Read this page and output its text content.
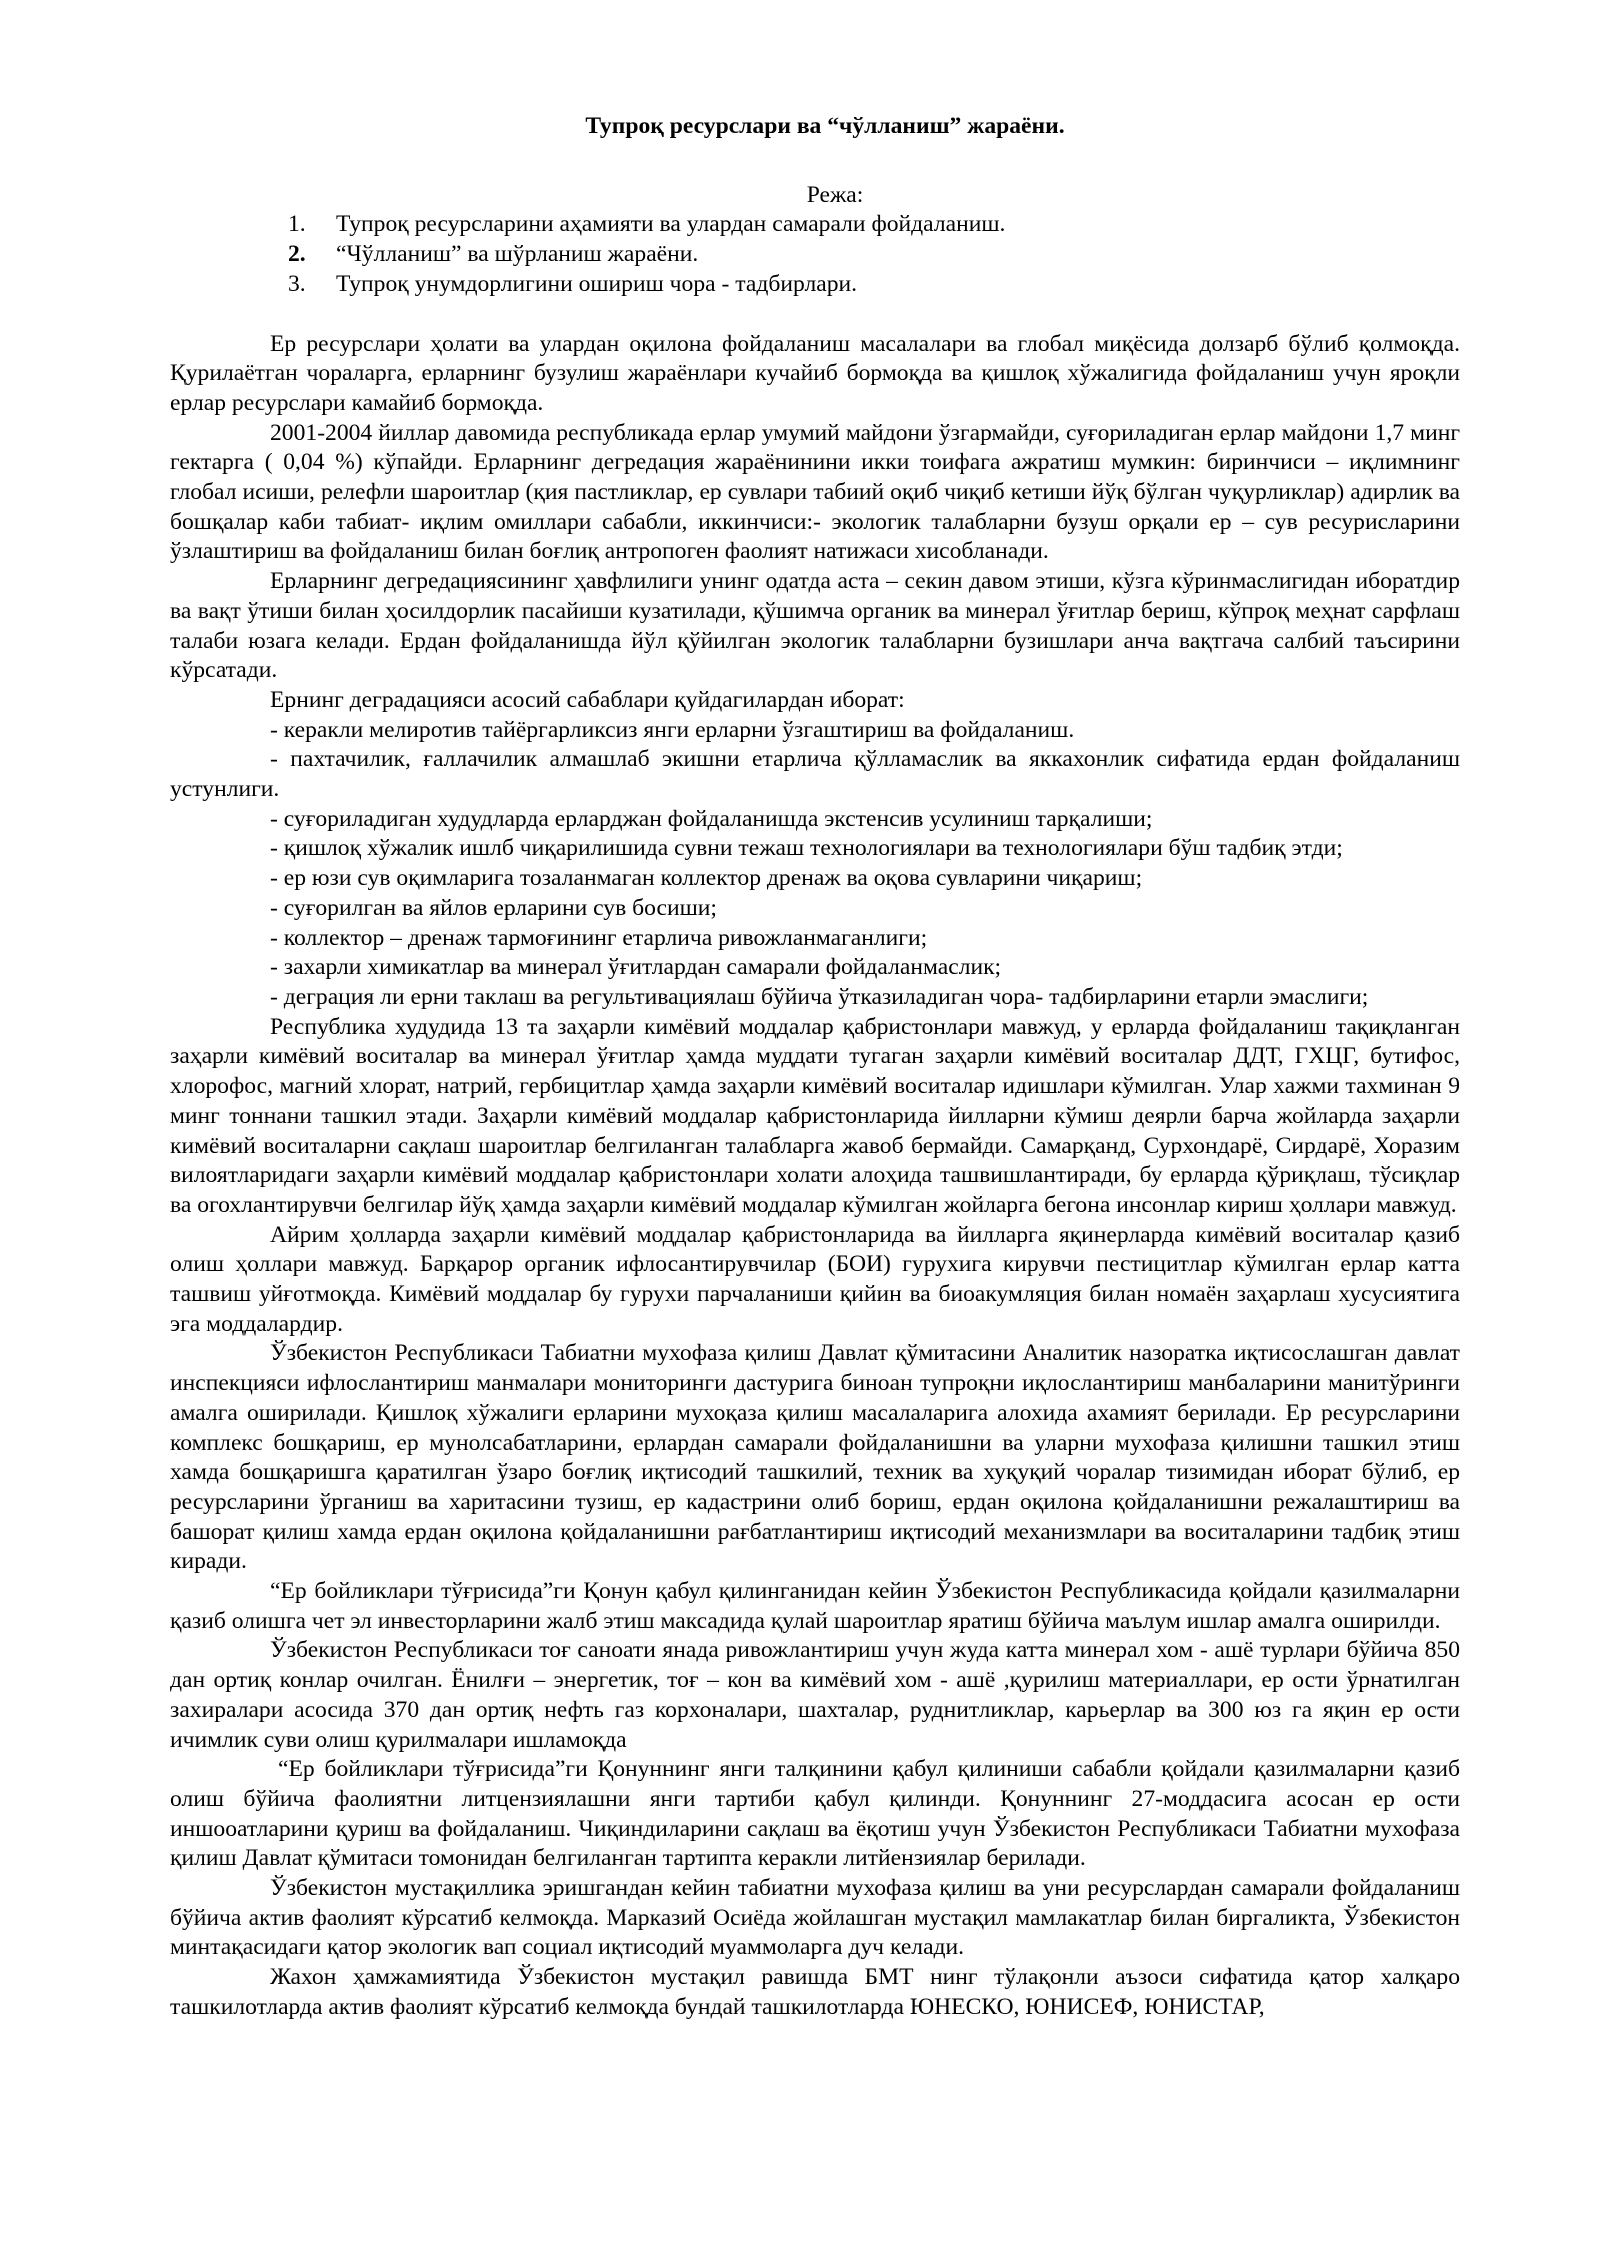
Тупроқ ресурслари ва “чўлланиш” жараёни.
Режа:
1. Тупроқ ресурсларини аҳамияти ва улардан самарали фойдаланиш.
2. “Чўлланиш” ва шўрланиш жараёни.
3. Тупроқ унумдорлигини ошириш чора - тадбирлари.

Ер ресурслари ҳолати ва улардан оқилона фойдаланиш масалалари ва глобал миқёсида долзарб бўлиб қолмоқда. Қурилаётган чораларга, ерларнинг бузулиш жараёнлари кучайиб бормоқда ва қишлоқ хўжалигида фойдаланиш учун яроқли ерлар ресурслари камайиб бормоқда.

2001-2004 йиллар давомида республикада ерлар умумий майдони ўзгармайди, суғориладиган ерлар майдони 1,7 минг гектарга ( 0,04 %) кўпайди. Ерларнинг дегредация жараёнинини икки тоифага ажратиш мумкин: биринчиси – иқлимнинг глобал исиши, релефли шароитлар (қия пастликлар, ер сувлари табиий оқиб чиқиб кетиши йўқ бўлган чуқурликлар) адирлик ва бошқалар каби табиат- иқлим омиллари сабабли, иккинчиси:- экологик талабларни бузуш орқали ер – сув ресурисларини ўзлаштириш ва фойдаланиш билан боғлиқ антропоген фаолият натижаси хисобланади.

Ерларнинг дегредациясининг ҳавфлилиги унинг одатда аста – секин давом этиши, кўзга кўринмаслигидан иборатдир ва вақт ўтиши билан ҳосилдорлик пасайиши кузатилади, қўшимча органик ва минерал ўғитлар бериш, кўпроқ меҳнат сарфлаш талаби юзага келади. Ердан фойдаланишда йўл қўйилган экологик талабларни бузишлари анча вақтгача салбий таъсирини кўрсатади.

Ернинг деградацияси асосий сабаблари қуйдагилардан иборат:

- керакли мелиротив тайёргарликсиз янги ерларни ўзгаштириш ва фойдаланиш.

- пахтачилик, ғаллачилик алмашлаб экишни етарлича қўлламаслик ва яккахонлик сифатида ердан фойдаланиш устунлиги.

- суғориладиган худудларда ерларджан фойдаланишда экстенсив усулиниш тарқалиши;

- қишлоқ хўжалик ишлб чиқарилишида сувни тежаш технологиялари ва технологиялари бўш тадбиқ этди;

- ер юзи сув оқимларига тозаланмаган коллектор дренаж ва оқова сувларини чиқариш;

- суғорилган ва яйлов ерларини сув босиши;

- коллектор – дренаж тармоғининг етарлича ривожланмаганлиги;

- захарли химикатлар ва минерал ўғитлардан самарали фойдаланмаслик;

- деграция ли ерни таклаш ва регультивациялаш бўйича ўтказиладиган чора- тадбирларини етарли эмаслиги;

Республика худудида 13 та заҳарли кимёвий моддалар қабристонлари мавжуд, у ерларда фойдаланиш тақиқланган заҳарли кимёвий воситалар ва минерал ўғитлар ҳамда муддати тугаган заҳарли кимёвий воситалар ДДТ, ГХЦГ, бутифос, хлорофос, магний хлорат, натрий, гербицитлар ҳамда заҳарли кимёвий воситалар идишлари кўмилган. Улар хажми тахминан 9 минг тоннани ташкил этади. Заҳарли кимёвий моддалар қабристонларида йилларни кўмиш деярли барча жойларда заҳарли кимёвий воситаларни сақлаш шароитлар белгиланган талабларга жавоб бермайди. Самарқанд, Сурхондарё, Сирдарё, Хоразим вилоятларидаги заҳарли кимёвий моддалар қабристонлари холати алоҳида ташвишлантиради, бу ерларда қўриқлаш, тўсиқлар ва огохлантирувчи белгилар йўқ ҳамда заҳарли кимёвий моддалар кўмилган жойларга бегона инсонлар кириш ҳоллари мавжуд.

Айрим ҳолларда заҳарли кимёвий моддалар қабристонларида ва йилларга яқинерларда кимёвий воситалар қазиб олиш ҳоллари мавжуд. Барқарор органик ифлосантирувчилар (БОИ) гурухига кирувчи пестицитлар кўмилган ерлар катта ташвиш уйғотмоқда. Кимёвий моддалар бу гурухи парчаланиши қийин ва биоакумляция билан номаён заҳарлаш хусусиятига эга моддалардир.

Ўзбекистон Республикаси Табиатни мухофаза қилиш Давлат қўмитасини Аналитик назоратка иқтисослашган давлат инспекцияси ифлослантириш манмалари мониторинги дастурига биноан тупроқни иқлослантириш манбаларини манитўринги амалга оширилади. Қишлоқ хўжалиги ерларини мухоқаза қилиш масалаларига алохида ахамият берилади. Ер ресурсларини комплекс бошқариш, ер мунолсабатларини, ерлардан самарали фойдаланишни ва уларни мухофаза қилишни ташкил этиш хамда бошқаришга қаратилган ўзаро боғлиқ иқтисодий ташкилий, техник ва хуқуқий чоралар тизимидан иборат бўлиб, ер ресурсларини ўрганиш ва харитасини тузиш, ер кадастрини олиб бориш, ердан оқилона қойдаланишни режалаштириш ва башорат қилиш хамда ердан оқилона қойдаланишни рағбатлантириш иқтисодий механизмлари ва воситаларини тадбиқ этиш киради.

“Ер бойликлари тўғрисида”ги Қонун қабул қилинганидан кейин Ўзбекистон Республикасида қойдали қазилмаларни қазиб олишга чет эл инвесторларини жалб этиш максадида қулай шароитлар яратиш бўйича маълум ишлар амалга оширилди.

Ўзбекистон Республикаси тоғ саноати янада ривожлантириш учун жуда катта минерал хом - ашё турлари бўйича 850 дан ортиқ конлар очилган. Ёнилғи – энергетик, тоғ – кон ва кимёвий хом - ашё ,қурилиш материаллари, ер ости ўрнатилган захиралари асосида 370 дан ортиқ нефть газ корхоналари, шахталар, руднитликлар, карьерлар ва 300 юз га яқин ер ости ичимлик суви олиш қурилмалари ишламоқда

“Ер бойликлари тўғрисида”ги Қонуннинг янги талқинини қабул қилиниши сабабли қойдали қазилмаларни қазиб олиш бўйича фаолиятни литцензиялашни янги тартиби қабул қилинди. Қонуннинг 27-моддасига асосан ер ости иншооатларини қуриш ва фойдаланиш. Чиқиндиларини сақлаш ва ёқотиш учун Ўзбекистон Республикаси Табиатни мухофаза қилиш Давлат қўмитаси томонидан белгиланган тартипта керакли литйензиялар берилади.

Ўзбекистон мустақиллика эришгандан кейин табиатни мухофаза қилиш ва уни ресурслардан самарали фойдаланиш бўйича актив фаолият кўрсатиб келмоқда. Марказий Осиёда жойлашган мустақил мамлакатлар билан биргаликта, Ўзбекистон минтақасидаги қатор экологик вап социал иқтисодий муаммоларга дуч келади.

Жахон ҳамжамиятида Ўзбекистон мустақил равишда БМТ нинг тўлақонли аъзоси сифатида қатор халқаро ташкилотларда актив фаолият кўрсатиб келмоқда бундай ташкилотларда ЮНЕСКО, ЮНИСЕФ, ЮНИСТАР,
